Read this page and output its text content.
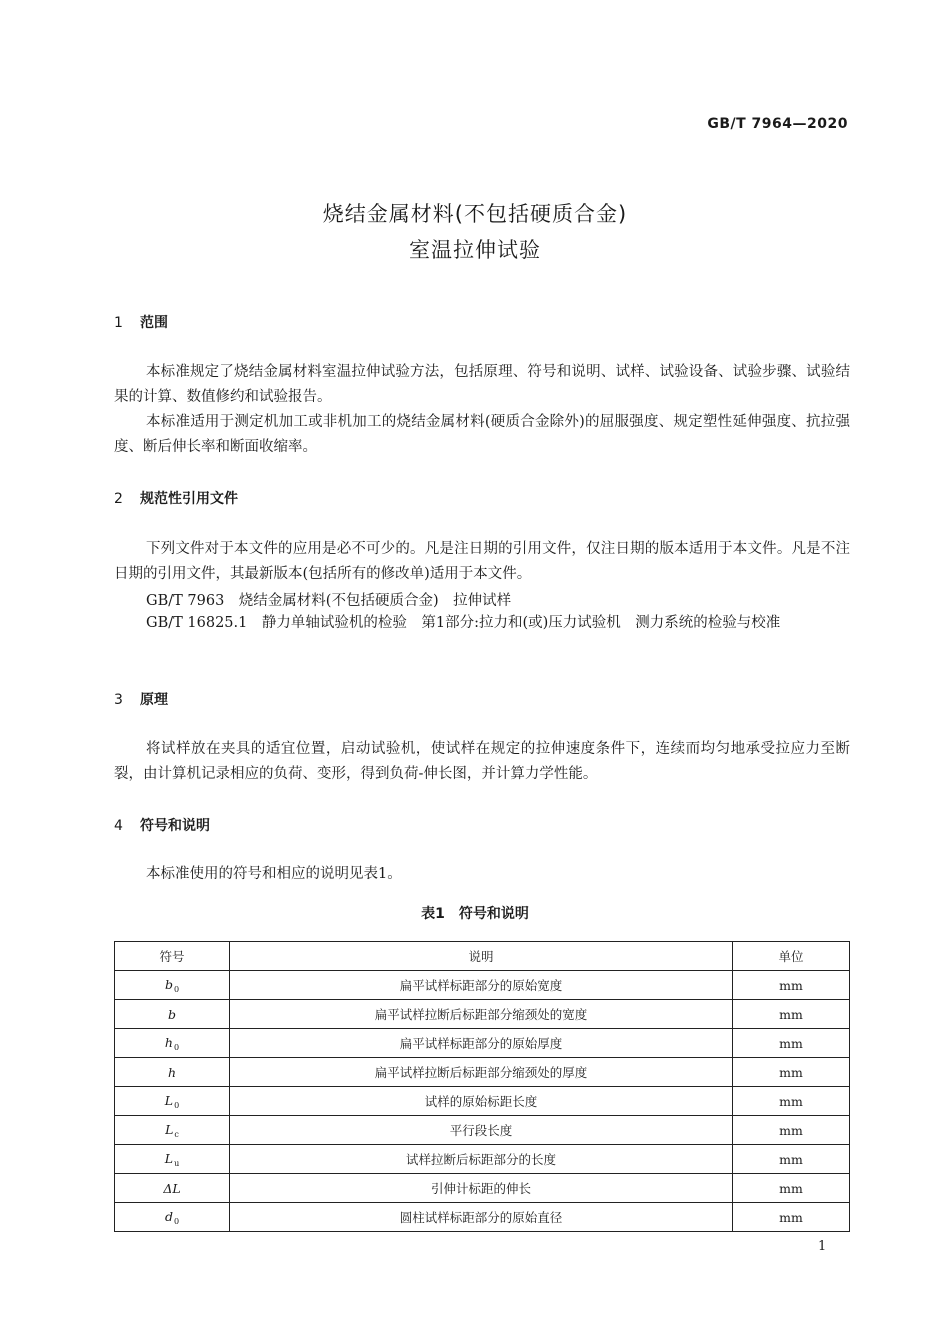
GB/T 7964—2020
烧结金属材料(不包括硬质合金)
室温拉伸试验
1 范围
本标准规定了烧结金属材料室温拉伸试验方法，包括原理、符号和说明、试样、试验设备、试验步骤、试验结果的计算、数值修约和试验报告。
本标准适用于测定机加工或非机加工的烧结金属材料(硬质合金除外)的屈服强度、规定塑性延伸强度、抗拉强度、断后伸长率和断面收缩率。
2 规范性引用文件
下列文件对于本文件的应用是必不可少的。凡是注日期的引用文件，仅注日期的版本适用于本文件。凡是不注日期的引用文件，其最新版本(包括所有的修改单)适用于本文件。
GB/T 7963　烧结金属材料(不包括硬质合金)　拉伸试样
GB/T 16825.1　静力单轴试验机的检验　第1部分:拉力和(或)压力试验机　测力系统的检验与校准
3 原理
将试样放在夹具的适宜位置，启动试验机，使试样在规定的拉伸速度条件下，连续而均匀地承受拉应力至断裂，由计算机记录相应的负荷、变形，得到负荷-伸长图，并计算力学性能。
4 符号和说明
本标准使用的符号和相应的说明见表1。
表1　符号和说明
符号	说明	单位
$b_0$	扁平试样标距部分的原始宽度	mm
b	扁平试样拉断后标距部分缩颈处的宽度	mm
$h_0$	扁平试样标距部分的原始厚度	mm
h	扁平试样拉断后标距部分缩颈处的厚度	mm
$L_0$	试样的原始标距长度	mm
$L_c$	平行段长度	mm
$L_u$	试样拉断后标距部分的长度	mm
ΔL	引伸计标距的伸长	mm
$d_0$	圆柱试样标距部分的原始直径	mm
1
